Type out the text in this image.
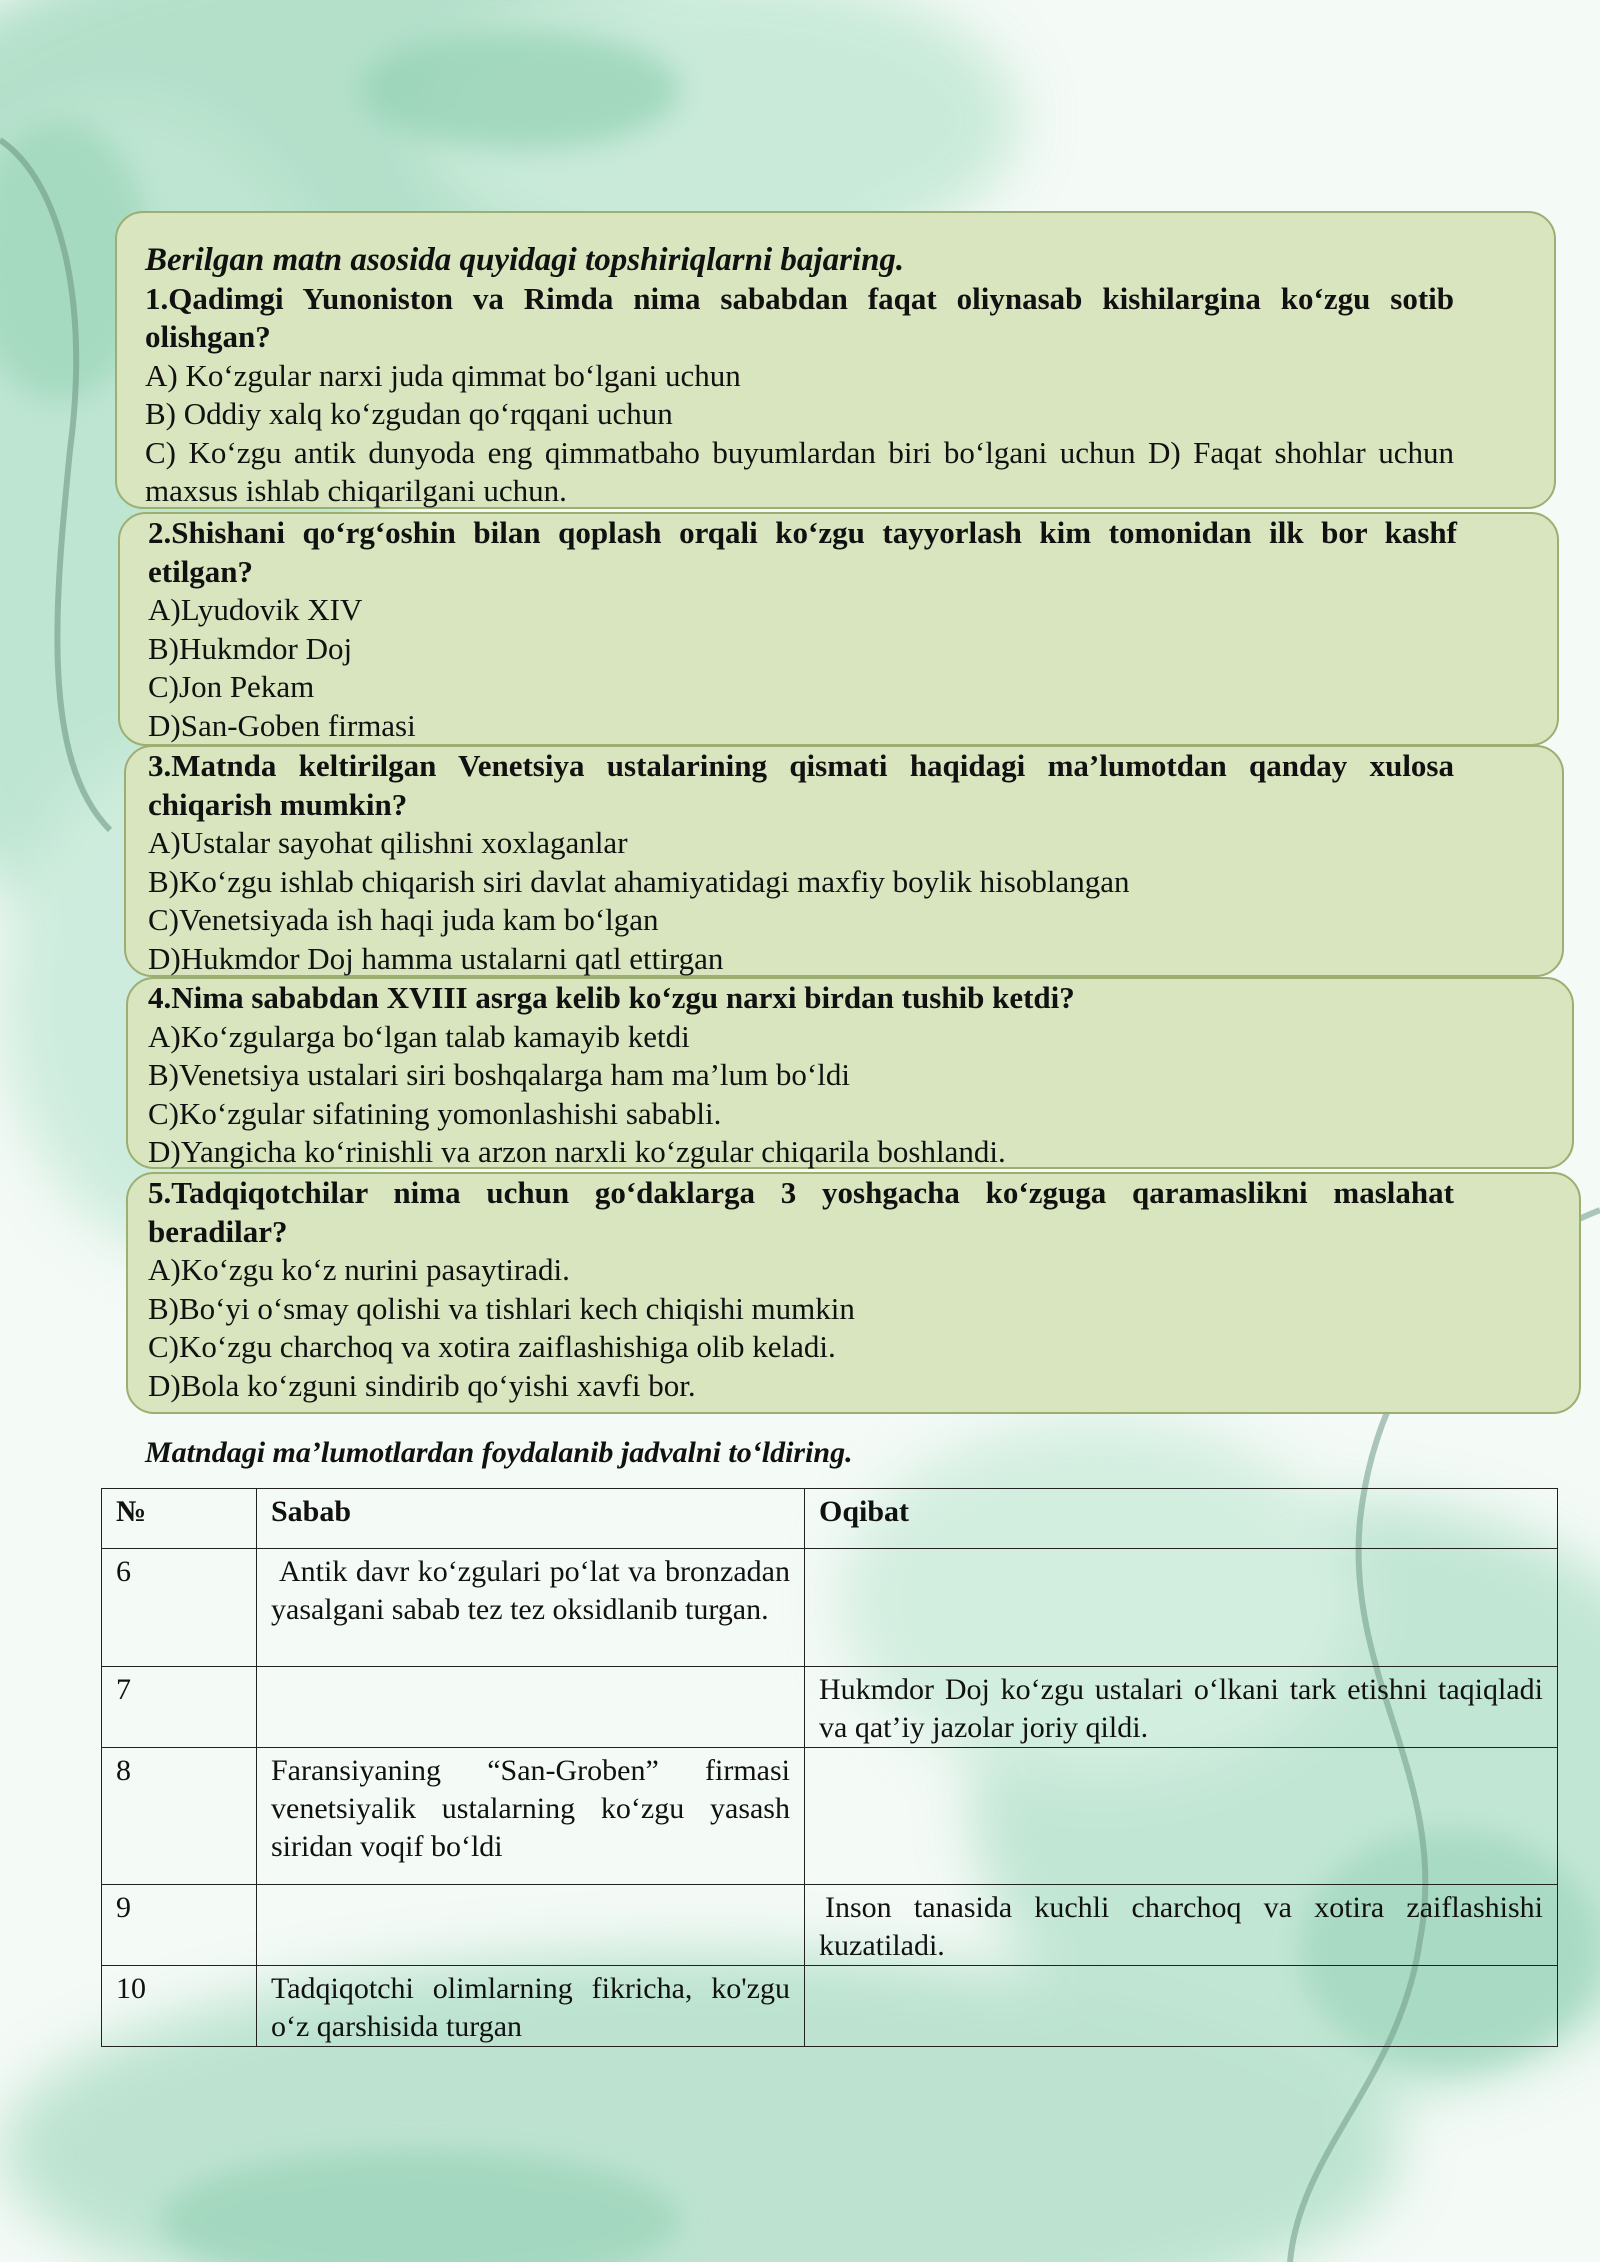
Berilgan matn asosida quyidagi topshiriqlarni bajaring.

1.Qadimgi Yunoniston va Rimda nima sababdan faqat oliynasab kishilargina ko‘zgu sotib olishgan?

A) Ko‘zgular narxi juda qimmat bo‘lgani uchun

B) Oddiy xalq ko‘zgudan qo‘rqqani uchun

C) Ko‘zgu antik dunyoda eng qimmatbaho buyumlardan biri bo‘lgani uchun D) Faqat shohlar uchun maxsus ishlab chiqarilgani uchun.

2.Shishani qo‘rg‘oshin bilan qoplash orqali ko‘zgu tayyorlash kim tomonidan ilk bor kashf etilgan?

A)Lyudovik XIV

B)Hukmdor Doj

C)Jon Pekam

D)San-Goben firmasi

3.Matnda keltirilgan Venetsiya ustalarining qismati haqidagi ma’lumotdan qanday xulosa chiqarish mumkin?

A)Ustalar sayohat qilishni xoxlaganlar

B)Ko‘zgu ishlab chiqarish siri davlat ahamiyatidagi maxfiy boylik hisoblangan

C)Venetsiyada ish haqi juda kam bo‘lgan

D)Hukmdor Doj hamma ustalarni qatl ettirgan

4.Nima sababdan XVIII asrga kelib ko‘zgu narxi birdan tushib ketdi?

A)Ko‘zgularga bo‘lgan talab kamayib ketdi

B)Venetsiya ustalari siri boshqalarga ham ma’lum bo‘ldi

C)Ko‘zgular sifatining yomonlashishi sababli.

D)Yangicha ko‘rinishli va arzon narxli ko‘zgular chiqarila boshlandi.

5.Tadqiqotchilar nima uchun go‘daklarga 3 yoshgacha ko‘zguga qaramaslikni maslahat beradilar?

A)Ko‘zgu ko‘z nurini pasaytiradi.

B)Bo‘yi o‘smay qolishi va tishlari kech chiqishi mumkin

C)Ko‘zgu charchoq va xotira zaiflashishiga olib keladi.

D)Bola ko‘zguni sindirib qo‘yishi xavfi bor.

Matndagi ma’lumotlardan foydalanib jadvalni to‘ldiring.
№	Sabab	Oqibat
6	Antik davr ko‘zgulari po‘lat va bronzadan yasalgani sabab tez tez oksidlanib turgan.	
7		Hukmdor Doj ko‘zgu ustalari o‘lkani tark etishni taqiqladi va qat’iy jazolar joriy qildi.
8	Faransiyaning “San-Groben” firmasi venetsiyalik ustalarning ko‘zgu yasash siridan voqif bo‘ldi	
9		Inson tanasida kuchli charchoq va xotira zaiflashishi kuzatiladi.
10	Tadqiqotchi olimlarning fikricha, ko'zgu o‘z qarshisida turgan	
